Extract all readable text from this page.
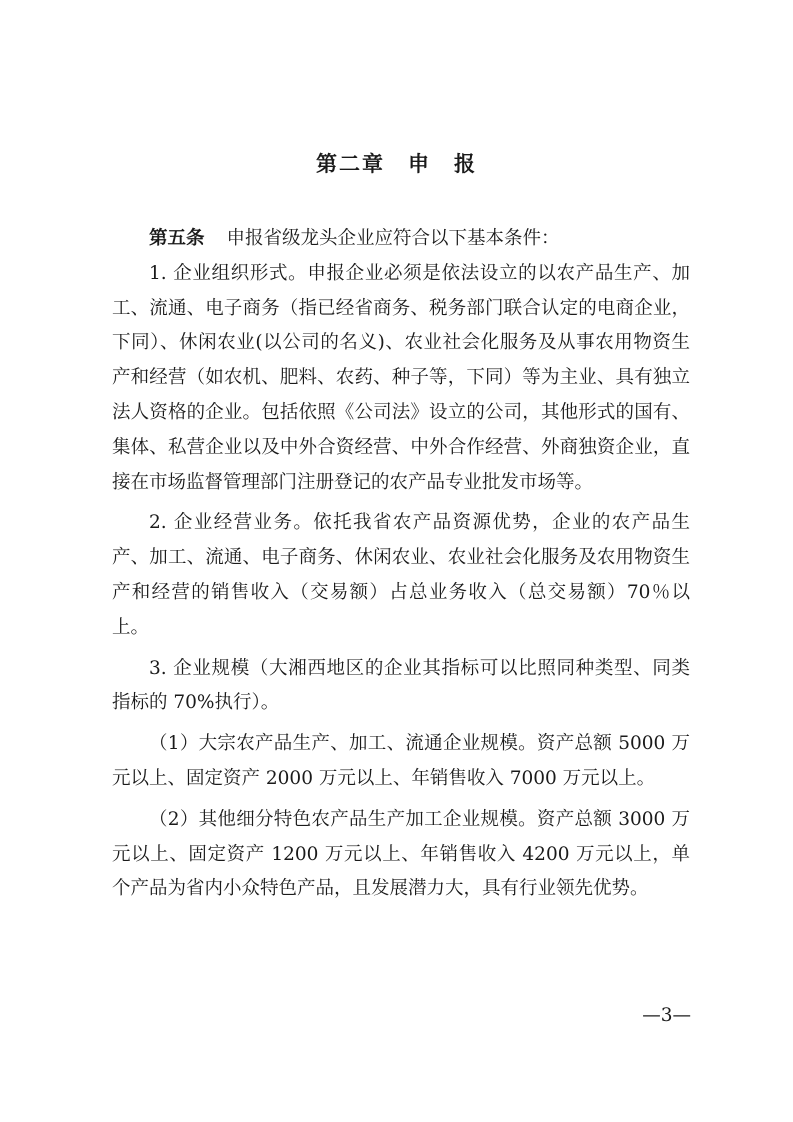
第二章　申　报

第五条 申报省级龙头企业应符合以下基本条件：

1. 企业组织形式。申报企业必须是依法设立的以农产品生产、加工、流通、电子商务（指已经省商务、税务部门联合认定的电商企业，下同）、休闲农业(以公司的名义)、农业社会化服务及从事农用物资生产和经营（如农机、肥料、农药、种子等，下同）等为主业、具有独立法人资格的企业。包括依照《公司法》设立的公司，其他形式的国有、集体、私营企业以及中外合资经营、中外合作经营、外商独资企业，直接在市场监督管理部门注册登记的农产品专业批发市场等。

2. 企业经营业务。依托我省农产品资源优势，企业的农产品生产、加工、流通、电子商务、休闲农业、农业社会化服务及农用物资生产和经营的销售收入（交易额）占总业务收入（总交易额）70％以上。

3. 企业规模（大湘西地区的企业其指标可以比照同种类型、同类指标的 70%执行）。

（1）大宗农产品生产、加工、流通企业规模。资产总额 5000 万元以上、固定资产 2000 万元以上、年销售收入 7000 万元以上。

（2）其他细分特色农产品生产加工企业规模。资产总额 3000 万元以上、固定资产 1200 万元以上、年销售收入 4200 万元以上，单个产品为省内小众特色产品，且发展潜力大，具有行业领先优势。

—3—
